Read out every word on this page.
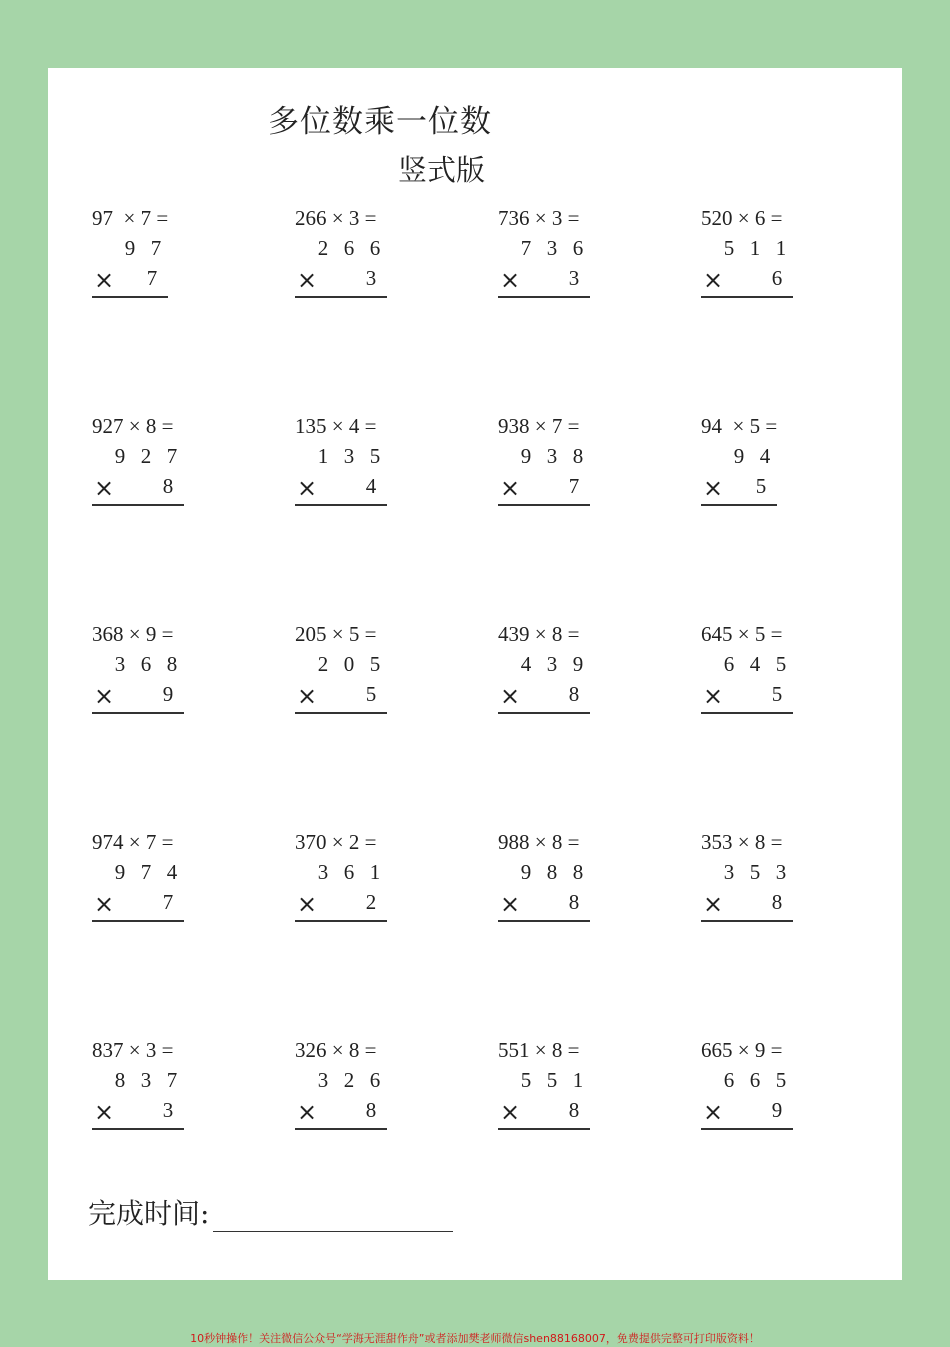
多位数乘一位数
竖式版
97  × 7 =
9 7
× 7
266 × 3 =
2 6 6
× 3
736 × 3 =
7 3 6
× 3
520 × 6 =
5 1 1
× 6
927 × 8 =
9 2 7
× 8
135 × 4 =
1 3 5
× 4
938 × 7 =
9 3 8
× 7
94  × 5 =
9 4
× 5
368 × 9 =
3 6 8
× 9
205 × 5 =
2 0 5
× 5
439 × 8 =
4 3 9
× 8
645 × 5 =
6 4 5
× 5
974 × 7 =
9 7 4
× 7
370 × 2 =
3 6 1
× 2
988 × 8 =
9 8 8
× 8
353 × 8 =
3 5 3
× 8
837 × 3 =
8 3 7
× 3
326 × 8 =
3 2 6
× 8
551 × 8 =
5 5 1
× 8
665 × 9 =
6 6 5
× 9
完成时间:
10秒钟操作！关注微信公众号“学海无涯甜作舟”或者添加樊老师微信shen88168007，免费提供完整可打印版资料！
